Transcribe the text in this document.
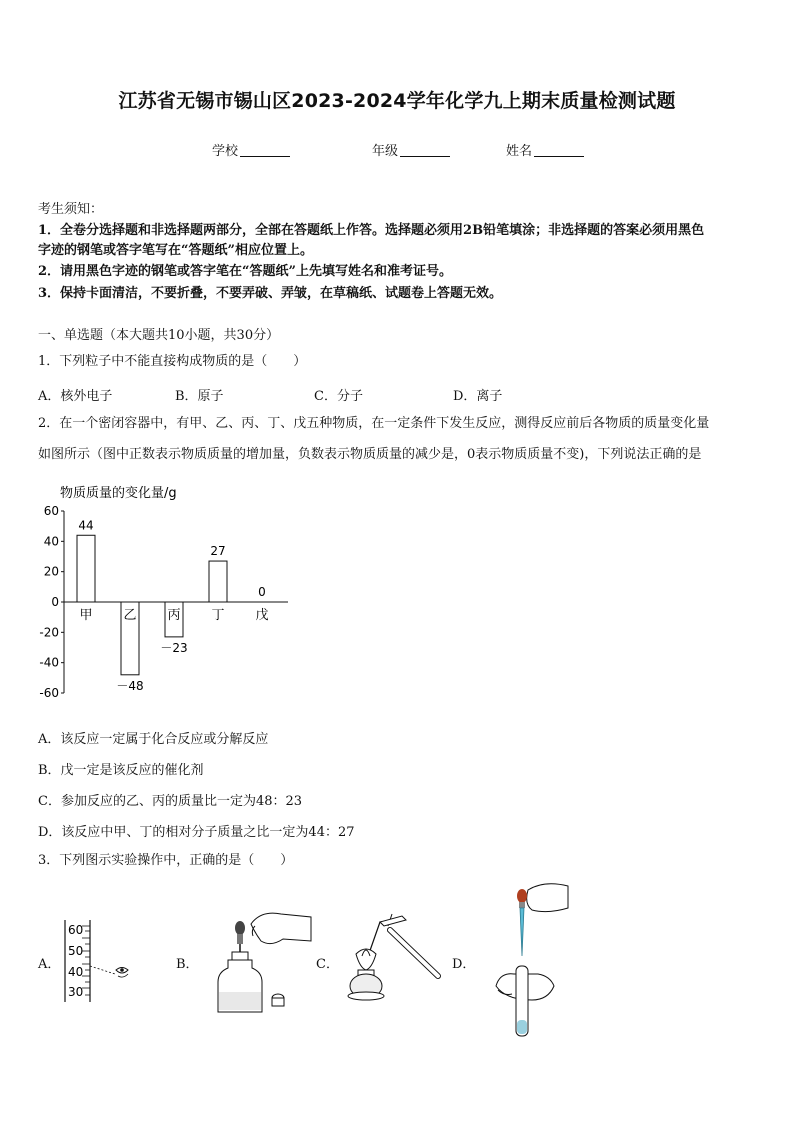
江苏省无锡市锡山区2023-2024学年化学九上期末质量检测试题
学校	年级	姓名
考生须知：
1．全卷分选择题和非选择题两部分，全部在答题纸上作答。选择题必须用2B铅笔填涂；非选择题的答案必须用黑色
字迹的钢笔或答字笔写在“答题纸”相应位置上。
2．请用黑色字迹的钢笔或答字笔在“答题纸”上先填写姓名和准考证号。
3．保持卡面清洁，不要折叠，不要弄破、弄皱，在草稿纸、试题卷上答题无效。
一、单选题（本大题共10小题，共30分）
1．下列粒子中不能直接构成物质的是（　　）
A．核外电子	B．原子	C．分子	D．离子
2．在一个密闭容器中，有甲、乙、丙、丁、戊五种物质，在一定条件下发生反应，测得反应前后各物质的质量变化量
如图所示（图中正数表示物质质量的增加量，负数表示物质质量的减少是，0表示物质质量不变)，下列说法正确的是
物质质量的变化量/g
60
40
20
0
-20
-40
-60
甲
44
乙
－48
丙
－23
丁
27
戊
0
A．该反应一定属于化合反应或分解反应
B．戊一定是该反应的催化剂
C．参加反应的乙、丙的质量比一定为48：23
D．该反应中甲、丁的相对分子质量之比一定为44：27
3．下列图示实验操作中，正确的是（　　）
A．	B．	C．	D．
60
50
40
30
